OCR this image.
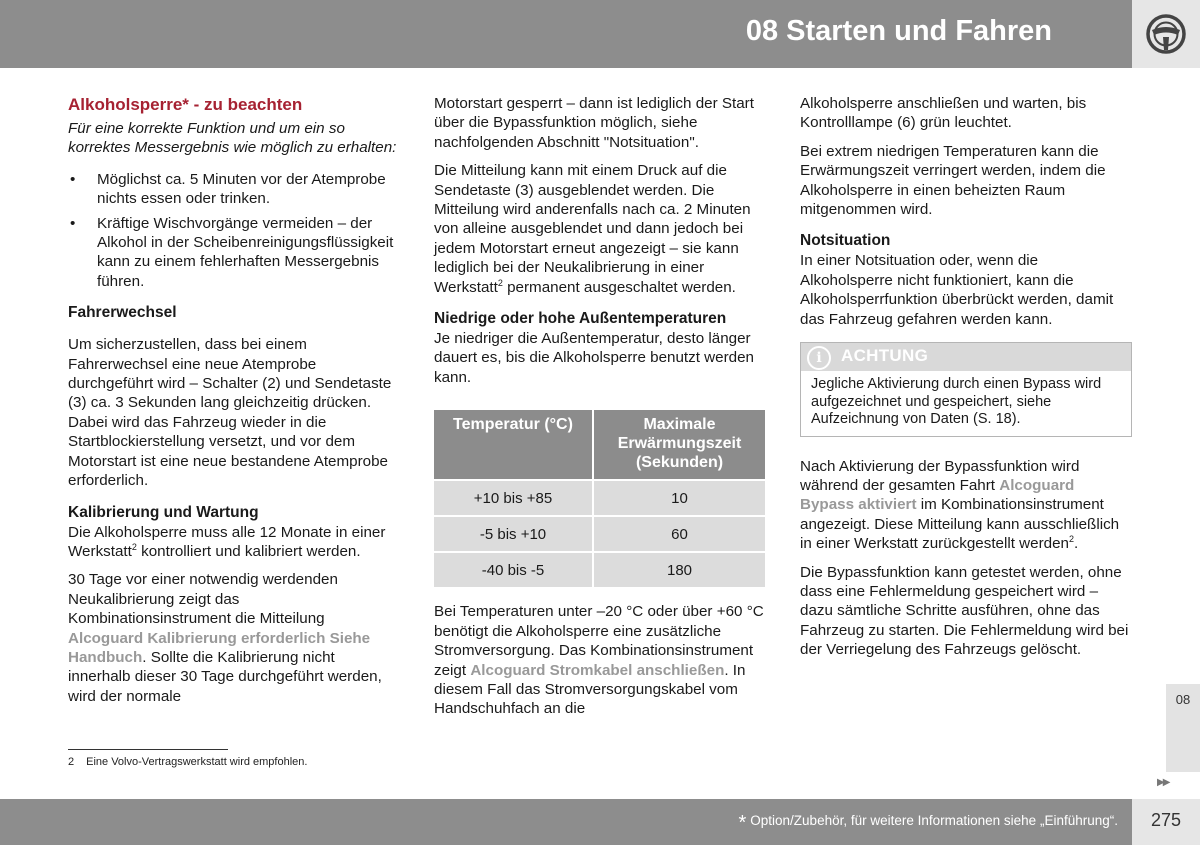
08 Starten und Fahren
Alkoholsperre* - zu beachten

Für eine korrekte Funktion und um ein so korrektes Messergebnis wie möglich zu erhalten:

• Möglichst ca. 5 Minuten vor der Atemprobe nichts essen oder trinken.
• Kräftige Wischvorgänge vermeiden – der Alkohol in der Scheibenreinigungsflüssigkeit kann zu einem fehlerhaften Messergebnis führen.
Fahrerwechsel

Um sicherzustellen, dass bei einem Fahrerwechsel eine neue Atemprobe durchgeführt wird – Schalter (2) und Sendetaste (3) ca. 3 Sekunden lang gleichzeitig drücken. Dabei wird das Fahrzeug wieder in die Startblockierstellung versetzt, und vor dem Motorstart ist eine neue bestandene Atemprobe erforderlich.

Kalibrierung und Wartung

Die Alkoholsperre muss alle 12 Monate in einer Werkstatt$^2$ kontrolliert und kalibriert werden.

30 Tage vor einer notwendig werdenden Neukalibrierung zeigt das Kombinationsinstrument die Mitteilung Alcoguard Kalibrierung erforderlich Siehe Handbuch. Sollte die Kalibrierung nicht innerhalb dieser 30 Tage durchgeführt werden, wird der normale

Motorstart gesperrt – dann ist lediglich der Start über die Bypassfunktion möglich, siehe nachfolgenden Abschnitt "Notsituation".

Die Mitteilung kann mit einem Druck auf die Sendetaste (3) ausgeblendet werden. Die Mitteilung wird anderenfalls nach ca. 2 Minuten von alleine ausgeblendet und dann jedoch bei jedem Motorstart erneut angezeigt – sie kann lediglich bei der Neukalibrierung in einer Werkstatt$^2$ permanent ausgeschaltet werden.

Niedrige oder hohe Außentemperaturen

Je niedriger die Außentemperatur, desto länger dauert es, bis die Alkoholsperre benutzt werden kann.

Temperatur (°C)	Maximale Erwärmungszeit (Sekunden)
+10 bis +85	10
-5 bis +10	60
-40 bis -5	180

Bei Temperaturen unter –20 °C oder über +60 °C benötigt die Alkoholsperre eine zusätzliche Stromversorgung. Das Kombinationsinstrument zeigt Alcoguard Stromkabel anschließen. In diesem Fall das Stromversorgungskabel vom Handschuhfach an die

Alkoholsperre anschließen und warten, bis Kontrolllampe (6) grün leuchtet.

Bei extrem niedrigen Temperaturen kann die Erwärmungszeit verringert werden, indem die Alkoholsperre in einen beheizten Raum mitgenommen wird.

Notsituation

In einer Notsituation oder, wenn die Alkoholsperre nicht funktioniert, kann die Alkoholsperrfunktion überbrückt werden, damit das Fahrzeug gefahren werden kann.

i	ACHTUNG
Jegliche Aktivierung durch einen Bypass wird aufgezeichnet und gespeichert, siehe Aufzeichnung von Daten (S. 18).

Nach Aktivierung der Bypassfunktion wird während der gesamten Fahrt Alcoguard Bypass aktiviert im Kombinationsinstrument angezeigt. Diese Mitteilung kann ausschließlich in einer Werkstatt zurückgestellt werden$^2$.

Die Bypassfunktion kann getestet werden, ohne dass eine Fehlermeldung gespeichert wird – dazu sämtliche Schritte ausführen, ohne das Fahrzeug zu starten. Die Fehlermeldung wird bei der Verriegelung des Fahrzeugs gelöscht.

08
▶▶
2 Eine Volvo-Vertragswerkstatt wird empfohlen.
* Option/Zubehör, für weitere Informationen siehe „Einführung“.	275
